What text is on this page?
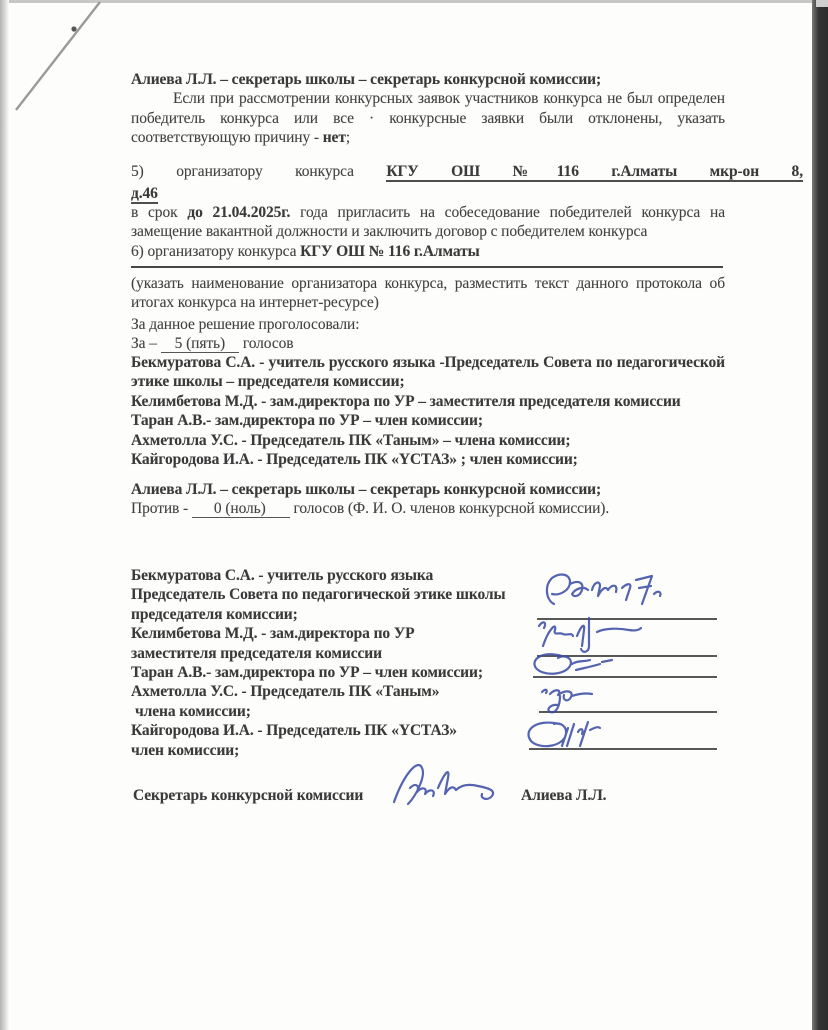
Алиева Л.Л. – секретарь школы – секретарь конкурсной комиссии;
Если при рассмотрении конкурсных заявок участников конкурса не был определен победитель конкурса или все · конкурсные заявки были отклонены, указать соответствующую причину - нет;
5) организатору конкурса КГУ ОШ №116 г.Алматы мкр-он 8,
д.46
в срок до 21.04.2025г. года пригласить на собеседование победителей конкурса на замещение вакантной должности и заключить договор с победителем конкурса
6) организатору конкурса КГУ ОШ № 116 г.Алматы
(указать наименование организатора конкурса, разместить текст данного протокола об итогах конкурса на интернет-ресурсе)
За данное решение проголосовали:
За – 5 (пять) голосов
Бекмуратова С.А. - учитель русского языка -Председатель Совета по педагогической этике школы – председателя комиссии;
Келимбетова М.Д. - зам.директора по УР – заместителя председателя комиссии
Таран А.В.- зам.директора по УР – член комиссии;
Ахметолла У.С. - Председатель ПК «Таным» – члена комиссии;
Кайгородова И.А. - Председатель ПК «ҮСТАЗ» ; член комиссии;
Алиева Л.Л. – секретарь школы – секретарь конкурсной комиссии;
Против - 0 (ноль) голосов (Ф. И. О. членов конкурсной комиссии).
Бекмуратова С.А. - учитель русского языка
Председатель Совета по педагогической этике школы
председателя комиссии;
Келимбетова М.Д. - зам.директора по УР
заместителя председателя комиссии
Таран А.В.- зам.директора по УР – член комиссии;
Ахметолла У.С. - Председатель ПК «Таным»
члена комиссии;
Кайгородова И.А. - Председатель ПК «ҮСТАЗ»
член комиссии;
Секретарь конкурсной комиссии	Алиева Л.Л.
